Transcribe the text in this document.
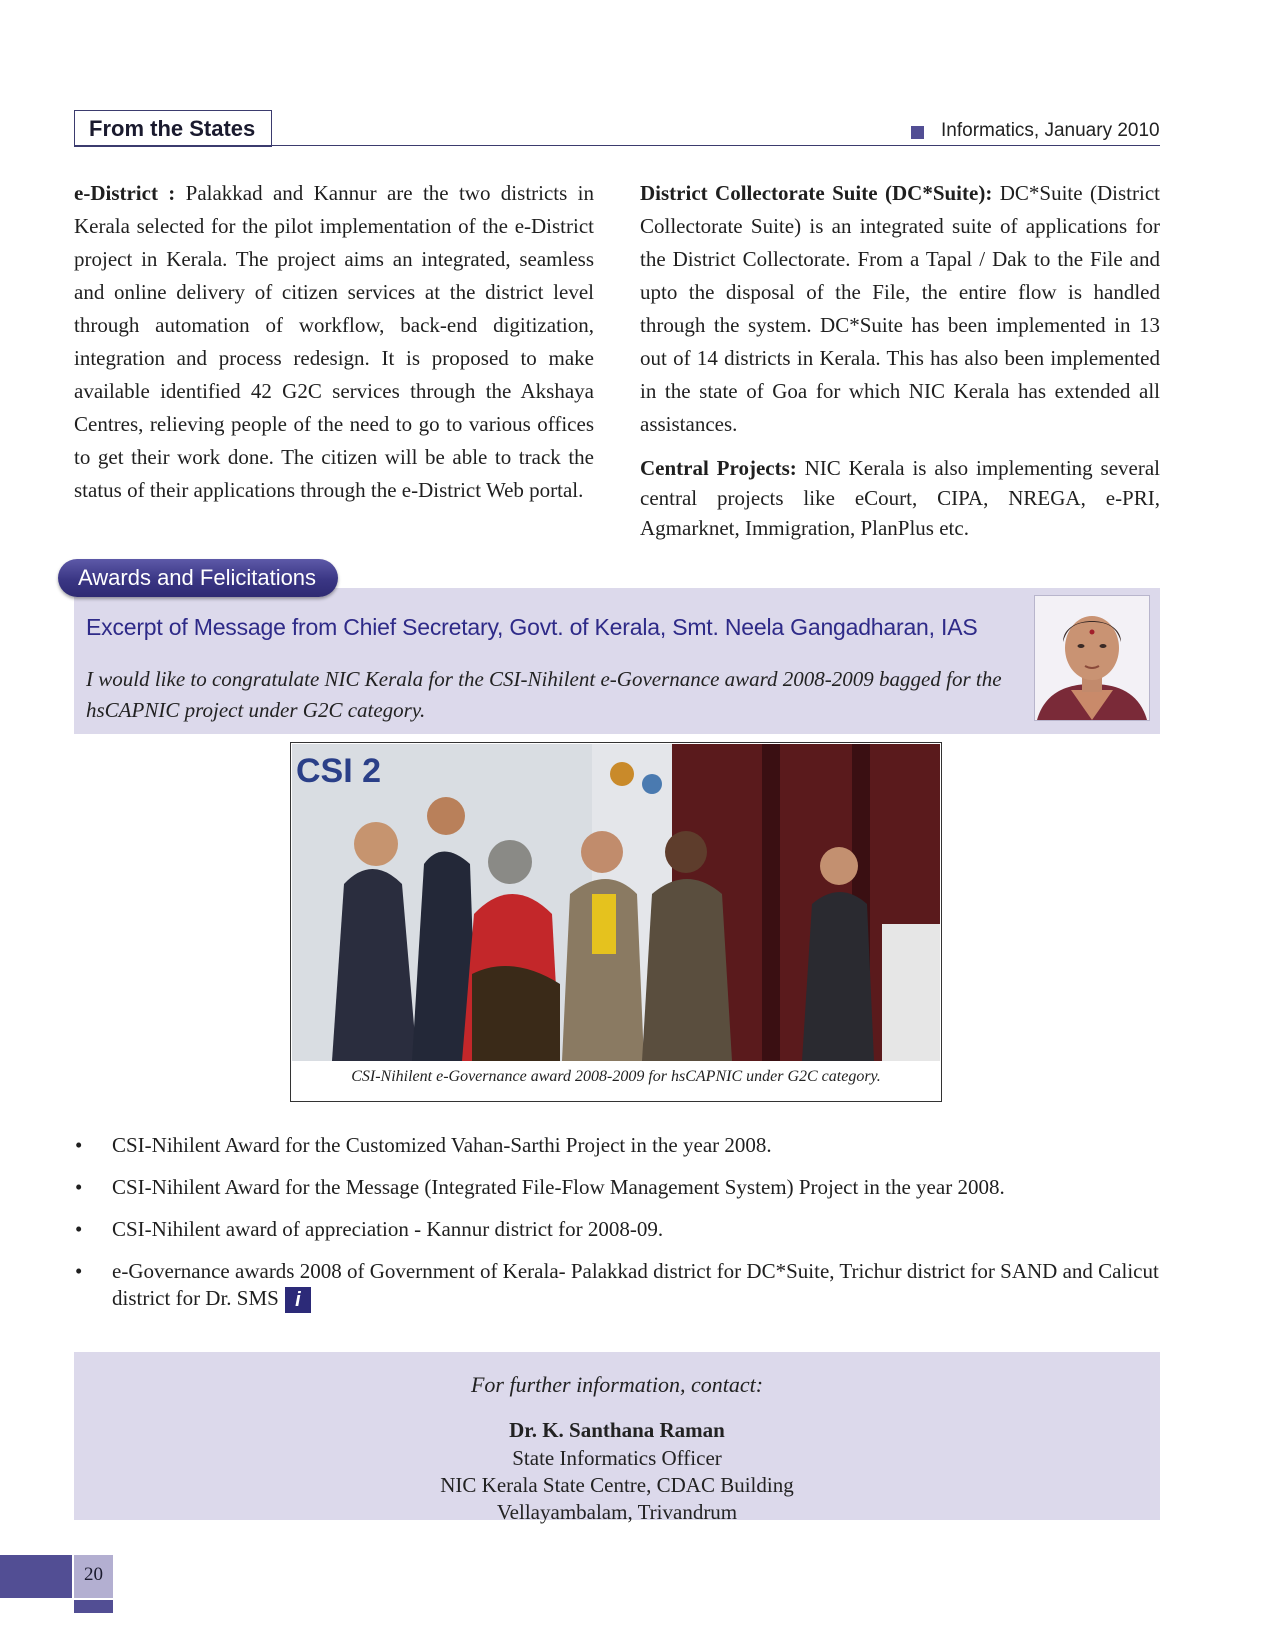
From the States	Informatics, January 2010

e-District : Palakkad and Kannur are the two districts in Kerala selected for the pilot implementation of the e-District project in Kerala. The project aims an integrated, seamless and online delivery of citizen services at the district level through automation of workflow, back-end digitization, integration and process redesign. It is proposed to make available identified 42 G2C services through the Akshaya Centres, relieving people of the need to go to various offices to get their work done. The citizen will be able to track the status of their applications through the e-District Web portal.

District Collectorate Suite (DC*Suite): DC*Suite (District Collectorate Suite) is an integrated suite of applications for the District Collectorate. From a Tapal / Dak to the File and upto the disposal of the File, the entire flow is handled through the system. DC*Suite has been implemented in 13 out of 14 districts in Kerala. This has also been implemented in the state of Goa for which NIC Kerala has extended all assistances.

Central Projects: NIC Kerala is also implementing several central projects like eCourt, CIPA, NREGA, e-PRI, Agmarknet, Immigration, PlanPlus etc.

Excerpt of Message from Chief Secretary, Govt. of Kerala, Smt. Neela Gangadharan, IAS
I would like to congratulate NIC Kerala for the CSI-Nihilent e-Governance award 2008-2009 bagged for the hsCAPNIC project under G2C category.
Awards and Felicitations
CSI 2
CSI-Nihilent e-Governance award 2008-2009 for hsCAPNIC under G2C category.
• CSI-Nihilent Award for the Customized Vahan-Sarthi Project in the year 2008.
• CSI-Nihilent Award for the Message (Integrated File-Flow Management System) Project in the year 2008.
• CSI-Nihilent award of appreciation - Kannur district for 2008-09.
• e-Governance awards 2008 of Government of Kerala- Palakkad district for DC*Suite, Trichur district for SAND and Calicut district for Dr. SMS i
For further information, contact:
Dr. K. Santhana Raman
State Informatics Officer
NIC Kerala State Centre, CDAC Building
Vellayambalam, Trivandrum
20
